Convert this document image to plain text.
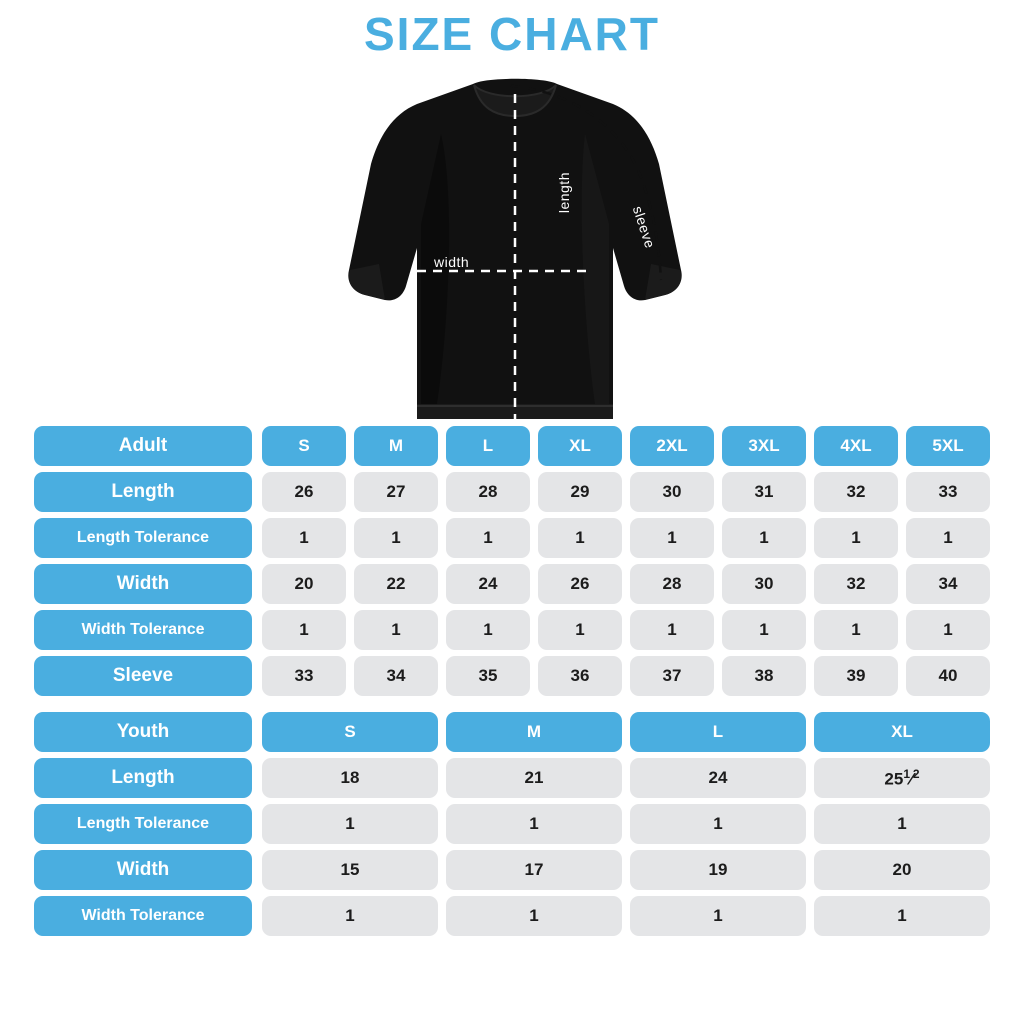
SIZE CHART
length
width
sleeve
Adult	S	M	L	XL	2XL	3XL	4XL	5XL
Length	26	27	28	29	30	31	32	33
Length Tolerance	1	1	1	1	1	1	1	1
Width	20	22	24	26	28	30	32	34
Width Tolerance	1	1	1	1	1	1	1	1
Sleeve	33	34	35	36	37	38	39	40
Youth	S	M	L	XL
Length	18	21	24	$25^1⁄^2$
Length Tolerance	1	1	1	1
Width	15	17	19	20
Width Tolerance	1	1	1	1
